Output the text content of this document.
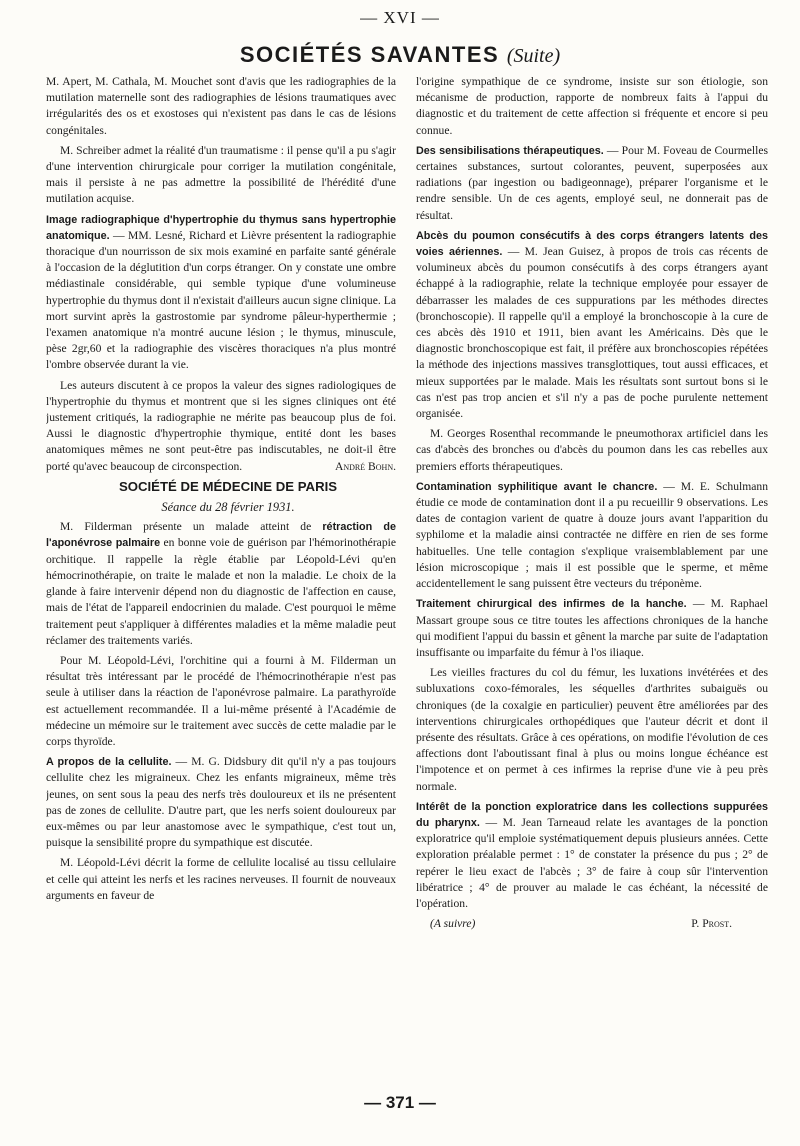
— XVI —
SOCIÉTÉS SAVANTES (Suite)

M. Apert, M. Cathala, M. Mouchet sont d'avis que les radiographies de la mutilation maternelle sont des radiographies de lésions traumatiques avec irrégularités des os et exostoses qui n'existent pas dans le cas de lésions congénitales.

M. Schreiber admet la réalité d'un traumatisme : il pense qu'il a pu s'agir d'une intervention chirurgicale pour corriger la mutilation congénitale, mais il persiste à ne pas admettre la possibilité de l'hérédité d'une mutilation acquise.

Image radiographique d'hypertrophie du thymus sans hypertrophie anatomique. — MM. Lesné, Richard et Lièvre présentent la radiographie thoracique d'un nourrisson de six mois examiné en parfaite santé générale à l'occasion de la déglutition d'un corps étranger. On y constate une ombre médiastinale considérable, qui semble typique d'une volumineuse hypertrophie du thymus dont il n'existait d'ailleurs aucun signe clinique. La mort survint après la gastrostomie par syndrome pâleur-hyperthermie ; l'examen anatomique n'a montré aucune lésion ; le thymus, minuscule, pèse 2gr,60 et la radiographie des viscères thoraciques n'a plus montré l'ombre observée durant la vie.

Les auteurs discutent à ce propos la valeur des signes radiologiques de l'hypertrophie du thymus et montrent que si les signes cliniques ont été justement critiqués, la radiographie ne mérite pas beaucoup plus de foi. Aussi le diagnostic d'hypertrophie thymique, entité dont les bases anatomiques mêmes ne sont peut-être pas indiscutables, ne doit-il être porté qu'avec beaucoup de circonspection.	André Bohn.

SOCIÉTÉ DE MÉDECINE DE PARIS

Séance du 28 février 1931.

M. Filderman présente un malade atteint de rétraction de l'aponévrose palmaire en bonne voie de guérison par l'hémorinothérapie orchitique. Il rappelle la règle établie par Léopold-Lévi qu'en hémocrinothérapie, on traite le malade et non la maladie. Le choix de la glande à faire intervenir dépend non du diagnostic de l'affection en cause, mais de l'état de l'appareil endocrinien du malade. C'est pourquoi le même traitement peut s'appliquer à différentes maladies et la même maladie peut réclamer des traitements variés.

Pour M. Léopold-Lévi, l'orchitine qui a fourni à M. Filderman un résultat très intéressant par le procédé de l'hémocrinothérapie n'est pas seule à utiliser dans la réaction de l'aponévrose palmaire. La parathyroïde est actuellement recommandée. Il a lui-même présenté à l'Académie de médecine un mémoire sur le traitement avec succès de cette maladie par le corps thyroïde.

A propos de la cellulite. — M. G. Didsbury dit qu'il n'y a pas toujours cellulite chez les migraineux. Chez les enfants migraineux, même très jeunes, on sent sous la peau des nerfs très douloureux et ils ne présentent pas de zones de cellulite. D'autre part, que les nerfs soient douloureux par eux-mêmes ou par leur anastomose avec le sympathique, c'est tout un, puisque la sensibilité propre du sympathique est discutée.

M. Léopold-Lévi décrit la forme de cellulite localisé au tissu cellulaire et celle qui atteint les nerfs et les racines nerveuses. Il fournit de nouveaux arguments en faveur de

l'origine sympathique de ce syndrome, insiste sur son étiologie, son mécanisme de production, rapporte de nombreux faits à l'appui du diagnostic et du traitement de cette affection si fréquente et encore si peu connue.

Des sensibilisations thérapeutiques. — Pour M. Foveau de Courmelles certaines substances, surtout colorantes, peuvent, superposées aux radiations (par ingestion ou badigeonnage), préparer l'organisme et le rendre sensible. Un de ces agents, employé seul, ne donnerait pas de résultat.

Abcès du poumon consécutifs à des corps étrangers latents des voies aériennes. — M. Jean Guisez, à propos de trois cas récents de volumineux abcès du poumon consécutifs à des corps étrangers ayant échappé à la radiographie, relate la technique employée pour essayer de débarrasser les malades de ces suppurations par les méthodes directes (bronchoscopie). Il rappelle qu'il a employé la bronchoscopie à la cure de ces abcès dès 1910 et 1911, bien avant les Américains. Dès que le diagnostic bronchoscopique est fait, il préfère aux bronchoscopies répétées la méthode des injections massives transglottiques, tout aussi efficaces, et mieux supportées par le malade. Mais les résultats sont surtout bons si le cas n'est pas trop ancien et s'il n'y a pas de poche purulente nettement organisée.

M. Georges Rosenthal recommande le pneumothorax artificiel dans les cas d'abcès des bronches ou d'abcès du poumon dans les cas rebelles aux premiers efforts thérapeutiques.

Contamination syphilitique avant le chancre. — M. E. Schulmann étudie ce mode de contamination dont il a pu recueillir 9 observations. Les dates de contagion varient de quatre à douze jours avant l'apparition du syphilome et la maladie ainsi contractée ne diffère en rien de ses forme habituelles. Une telle contagion s'explique vraisemblablement par une lésion microscopique ; mais il est possible que le sperme, et même accidentellement le sang puissent être vecteurs du tréponème.

Traitement chirurgical des infirmes de la hanche. — M. Raphael Massart groupe sous ce titre toutes les affections chroniques de la hanche qui modifient l'appui du bassin et gênent la marche par suite de l'adaptation insuffisante ou imparfaite du fémur à l'os iliaque.

Les vieilles fractures du col du fémur, les luxations invétérées et des subluxations coxo-fémorales, les séquelles d'arthrites subaiguës ou chroniques (de la coxalgie en particulier) peuvent être améliorées par des interventions chirurgicales orthopédiques que l'auteur décrit et dont il présente des résultats. Grâce à ces opérations, on modifie l'évolution de ces affections dont l'aboutissant final à plus ou moins longue échéance est l'impotence et on permet à ces infirmes la reprise d'une vie à peu près normale.

Intérêt de la ponction exploratrice dans les collections suppurées du pharynx. — M. Jean Tarneaud relate les avantages de la ponction exploratrice qu'il emploie systématiquement depuis plusieurs années. Cette exploration préalable permet : 1° de constater la présence du pus ; 2° de repérer le lieu exact de l'abcès ; 3° de faire à coup sûr l'intervention libératrice ; 4° de prouver au malade le cas échéant, la nécessité de l'opération.

(A suivre)	P. Prost.
— 371 —
